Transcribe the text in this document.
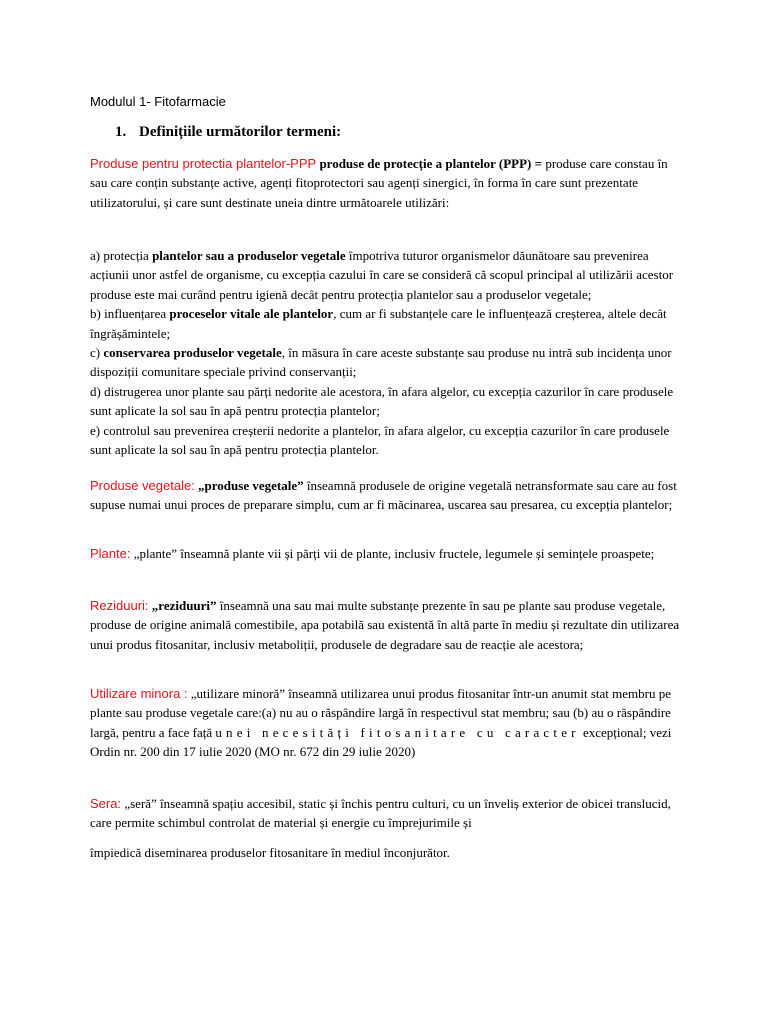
Modulul 1- Fitofarmacie
1. Definițiile următorilor termeni:

Produse pentru protectia plantelor-PPP produse de protecție a plantelor (PPP) = produse care constau în sau care conțin substanțe active, agenți fitoprotectori sau agenți sinergici, în forma în care sunt prezentate utilizatorului, și care sunt destinate uneia dintre următoarele utilizări:

a) protecția plantelor sau a produselor vegetale împotriva tuturor organismelor dăunătoare sau prevenirea acțiunii unor astfel de organisme, cu excepția cazului în care se consideră că scopul principal al utilizării acestor produse este mai curând pentru igienă decât pentru protecția plantelor sau a produselor vegetale;

b) influențarea proceselor vitale ale plantelor, cum ar fi substanțele care le influențează creșterea, altele decât îngrășămintele;

c) conservarea produselor vegetale, în măsura în care aceste substanțe sau produse nu intră sub incidența unor dispoziții comunitare speciale privind conservanții;

d) distrugerea unor plante sau părți nedorite ale acestora, în afara algelor, cu excepția cazurilor în care produsele sunt aplicate la sol sau în apă pentru protecția plantelor;

e) controlul sau prevenirea creșterii nedorite a plantelor, în afara algelor, cu excepția cazurilor în care produsele sunt aplicate la sol sau în apă pentru protecția plantelor.

Produse vegetale: „produse vegetale” înseamnă produsele de origine vegetală netransformate sau care au fost supuse numai unui proces de preparare simplu, cum ar fi măcinarea, uscarea sau presarea, cu excepția plantelor;

Plante: „plante” înseamnă plante vii și părți vii de plante, inclusiv fructele, legumele și semințele proaspete;

Reziduuri: „reziduuri” înseamnă una sau mai multe substanțe prezente în sau pe plante sau produse vegetale, produse de origine animală comestibile, apa potabilă sau existentă în altă parte în mediu și rezultate din utilizarea unui produs fitosanitar, inclusiv metaboliții, produsele de degradare sau de reacție ale acestora;

Utilizare minora : „utilizare minoră” înseamnă utilizarea unui produs fitosanitar într-un anumit stat membru pe plante sau produse vegetale care:(a) nu au o răspândire largă în respectivul stat membru; sau (b) au o răspândire largă, pentru a face față unei necesități fitosanitare cu caracter excepțional; vezi Ordin nr. 200 din 17 iulie 2020 (MO nr. 672 din 29 iulie 2020)

Sera: „seră” înseamnă spațiu accesibil, static și închis pentru culturi, cu un înveliș exterior de obicei translucid, care permite schimbul controlat de material și energie cu împrejurimile și

împiedică diseminarea produselor fitosanitare în mediul înconjurător.
